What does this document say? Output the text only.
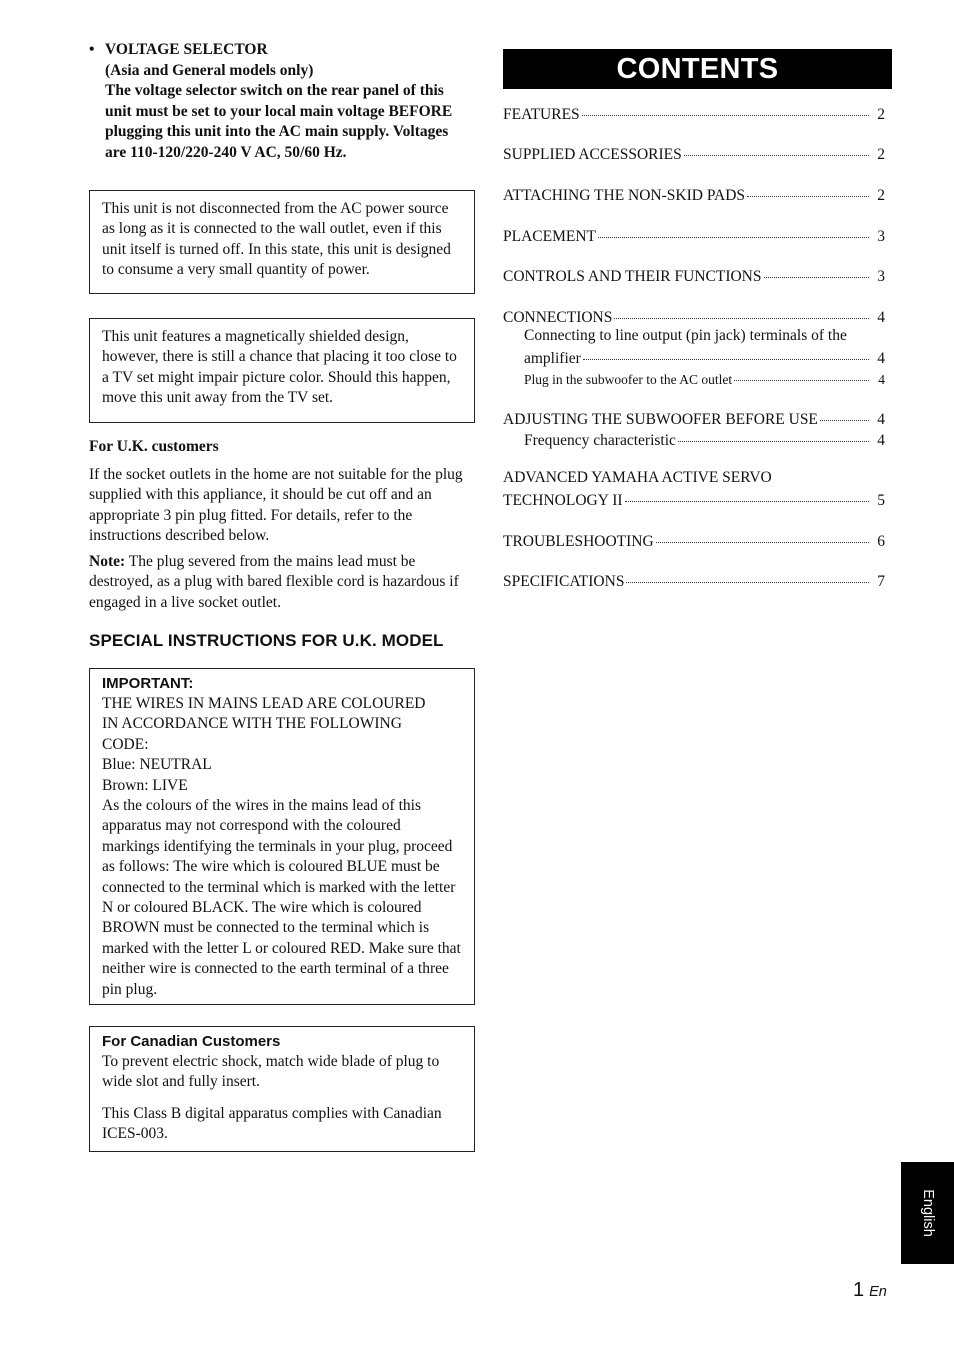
• VOLTAGE SELECTOR
(Asia and General models only)
The voltage selector switch on the rear panel of this
unit must be set to your local main voltage BEFORE
plugging this unit into the AC main supply. Voltages
are 110-120/220-240 V AC, 50/60 Hz.

This unit is not disconnected from the AC power source as long as it is connected to the wall outlet, even if this unit itself is turned off. In this state, this unit is designed to consume a very small quantity of power.

This unit features a magnetically shielded design, however, there is still a chance that placing it too close to a TV set might impair picture color. Should this happen, move this unit away from the TV set.

For U.K. customers

If the socket outlets in the home are not suitable for the plug supplied with this appliance, it should be cut off and an appropriate 3 pin plug fitted. For details, refer to the instructions described below.

Note: The plug severed from the mains lead must be destroyed, as a plug with bared flexible cord is hazardous if engaged in a live socket outlet.

SPECIAL INSTRUCTIONS FOR U.K. MODEL
IMPORTANT:
THE WIRES IN MAINS LEAD ARE COLOURED
IN ACCORDANCE WITH THE FOLLOWING
CODE:
Blue: NEUTRAL
Brown: LIVE

As the colours of the wires in the mains lead of this apparatus may not correspond with the coloured markings identifying the terminals in your plug, proceed as follows: The wire which is coloured BLUE must be connected to the terminal which is marked with the letter N or coloured BLACK. The wire which is coloured BROWN must be connected to the terminal which is marked with the letter L or coloured RED. Make sure that neither wire is connected to the earth terminal of a three pin plug.

For Canadian Customers

To prevent electric shock, match wide blade of plug to wide slot and fully insert.

This Class B digital apparatus complies with Canadian ICES-003.

CONTENTS
FEATURES	2
SUPPLIED ACCESSORIES	2
ATTACHING THE NON-SKID PADS	2
PLACEMENT	3
CONTROLS AND THEIR FUNCTIONS	3
CONNECTIONS	4
Connecting to line output (pin jack) terminals of the
amplifier	4
Plug in the subwoofer to the AC outlet	4
ADJUSTING THE SUBWOOFER BEFORE USE	4
Frequency characteristic	4
ADVANCED YAMAHA ACTIVE SERVO
TECHNOLOGY II	5
TROUBLESHOOTING	6
SPECIFICATIONS	7
English
1 En
